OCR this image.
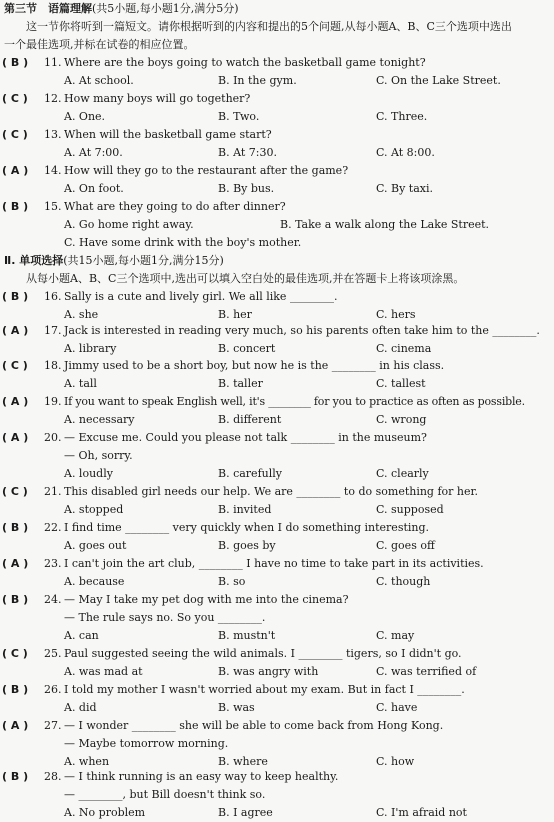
第三节　语篇理解(共5小题,每小题1分,满分5分)
这一节你将听到一篇短文。请你根据听到的内容和提出的5个问题,从每小题A、B、C三个选项中选出
一个最佳选项,并标在试卷的相应位置。
( B )	11. Where are the boys going to watch the basketball game tonight?
A. At school.	B. In the gym.	C. On the Lake Street.
( C )	12. How many boys will go together?
A. One.	B. Two.	C. Three.
( C )	13. When will the basketball game start?
A. At 7:00.	B. At 7:30.	C. At 8:00.
( A )	14. How will they go to the restaurant after the game?
A. On foot.	B. By bus.	C. By taxi.
( B )	15. What are they going to do after dinner?
A. Go home right away.	B. Take a walk along the Lake Street.
C. Have some drink with the boy's mother.
Ⅱ. 单项选择(共15小题,每小题1分,满分15分)
从每小题A、B、C三个选项中,选出可以填入空白处的最佳选项,并在答题卡上将该项涂黑。
( B )	16. Sally is a cute and lively girl. We all like ________.
A. she	B. her	C. hers
( A )	17. Jack is interested in reading very much, so his parents often take him to the ________.
A. library	B. concert	C. cinema
( C )	18. Jimmy used to be a short boy, but now he is the ________ in his class.
A. tall	B. taller	C. tallest
( A )	19. If you want to speak English well, it's ________ for you to practice as often as possible.
A. necessary	B. different	C. wrong
( A )	20. — Excuse me. Could you please not talk ________ in the museum?
— Oh, sorry.
A. loudly	B. carefully	C. clearly
( C )	21. This disabled girl needs our help. We are ________ to do something for her.
A. stopped	B. invited	C. supposed
( B )	22. I find time ________ very quickly when I do something interesting.
A. goes out	B. goes by	C. goes off
( A )	23. I can't join the art club, ________ I have no time to take part in its activities.
A. because	B. so	C. though
( B )	24. — May I take my pet dog with me into the cinema?
— The rule says no. So you ________.
A. can	B. mustn't	C. may
( C )	25. Paul suggested seeing the wild animals. I ________ tigers, so I didn't go.
A. was mad at	B. was angry with	C. was terrified of
( B )	26. I told my mother I wasn't worried about my exam. But in fact I ________.
A. did	B. was	C. have
( A )	27. — I wonder ________ she will be able to come back from Hong Kong.
— Maybe tomorrow morning.
A. when	B. where	C. how
( B )	28. — I think running is an easy way to keep healthy.
— ________, but Bill doesn't think so.
A. No problem	B. I agree	C. I'm afraid not
